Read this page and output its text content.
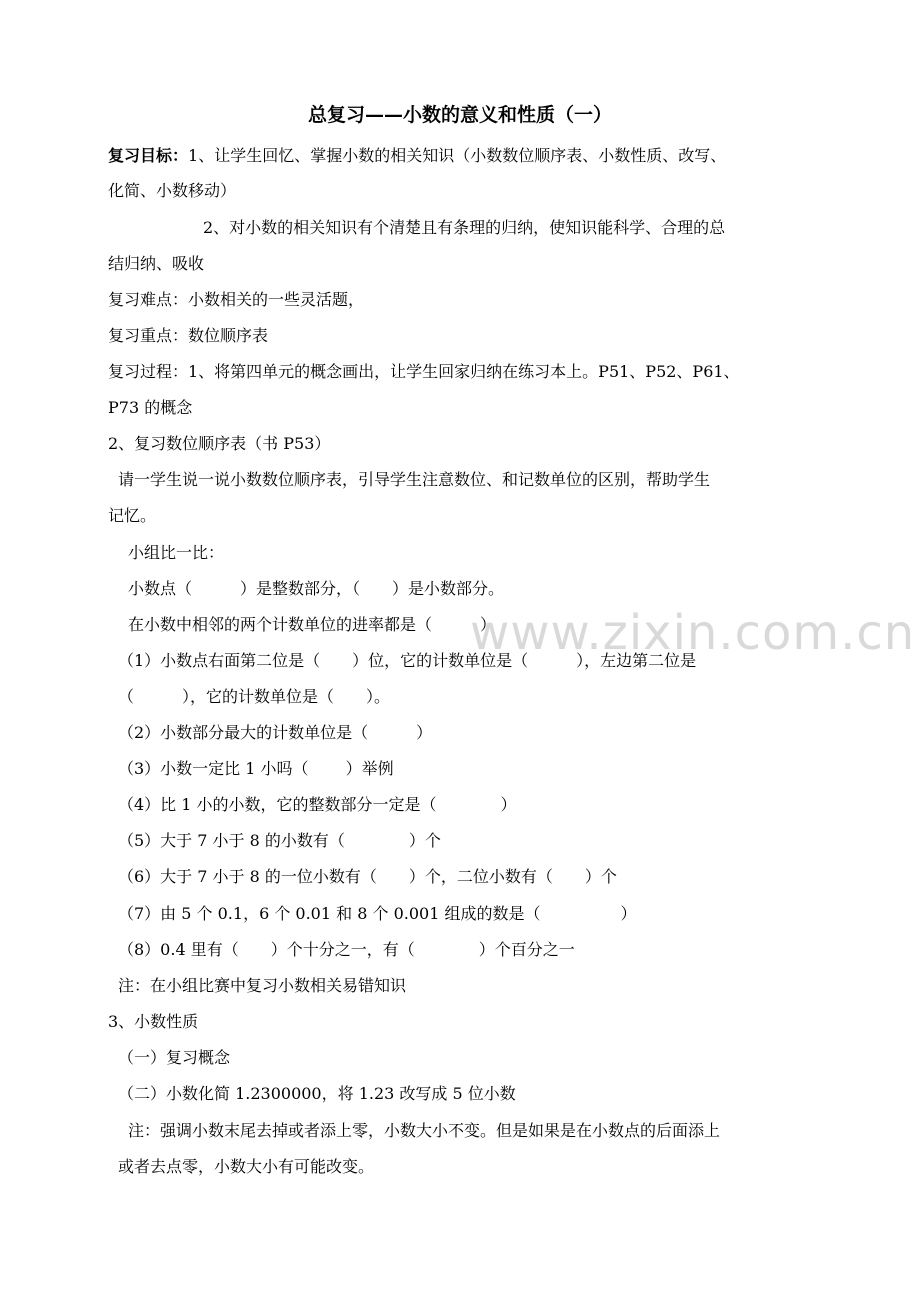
总复习——小数的意义和性质（一）
复习目标：1、让学生回忆、掌握小数的相关知识（小数数位顺序表、小数性质、改写、
化简、小数移动）
2、对小数的相关知识有个清楚且有条理的归纳，使知识能科学、合理的总
结归纳、吸收
复习难点：小数相关的一些灵活题，
复习重点：数位顺序表
复习过程：1、将第四单元的概念画出，让学生回家归纳在练习本上。P51、P52、P61、
P73 的概念
2、复习数位顺序表（书 P53）
请一学生说一说小数数位顺序表，引导学生注意数位、和记数单位的区别，帮助学生
记忆。
小组比一比：
小数点（　　　）是整数部分，（　　）是小数部分。
在小数中相邻的两个计数单位的进率都是（　　　）
（1）小数点右面第二位是（　　）位，它的计数单位是（　　　），左边第二位是
（　　　），它的计数单位是（　　）。
（2）小数部分最大的计数单位是（　　　）
（3）小数一定比 1 小吗（　　 ）举例
（4）比 1 小的小数，它的整数部分一定是（　　　　）
（5）大于 7 小于 8 的小数有（　　　　）个
（6）大于 7 小于 8 的一位小数有（　　）个，二位小数有（　　）个
（7）由 5 个 0.1，6 个 0.01 和 8 个 0.001 组成的数是（　　　　　）
（8）0.4 里有（　　）个十分之一，有（　　　　）个百分之一
注：在小组比赛中复习小数相关易错知识
3、小数性质
（一）复习概念
（二）小数化简 1.2300000，将 1.23 改写成 5 位小数
注：强调小数末尾去掉或者添上零，小数大小不变。但是如果是在小数点的后面添上
或者去点零，小数大小有可能改变。
www.zixin.com.cn
